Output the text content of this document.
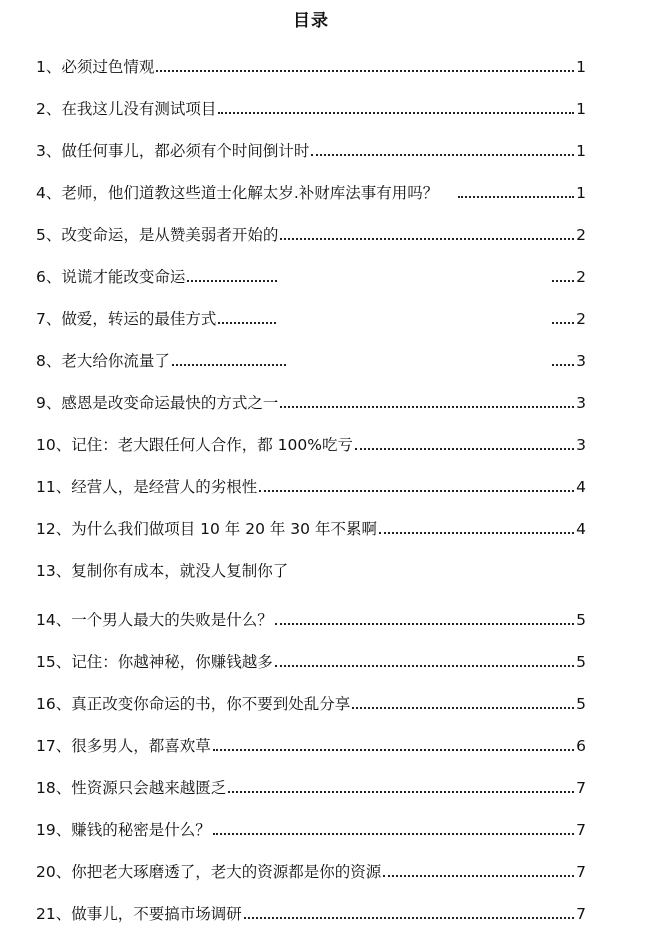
目录
1、必须过色情观	1
2、在我这儿没有测试项目	1
3、做任何事儿，都必须有个时间倒计时	1
4、老师，他们道教这些道士化解太岁.补财库法事有用吗？	1
5、改变命运，是从赞美弱者开始的	2
6、说谎才能改变命运	2
7、做爱，转运的最佳方式	2
8、老大给你流量了	3
9、感恩是改变命运最快的方式之一	3
10、记住：老大跟任何人合作，都 100%吃亏	3
11、经营人，是经营人的劣根性	4
12、为什么我们做项目 10 年 20 年 30 年不累啊	4
13、复制你有成本，就没人复制你了
14、一个男人最大的失败是什么？	5
15、记住：你越神秘，你赚钱越多	5
16、真正改变你命运的书，你不要到处乱分享	5
17、很多男人，都喜欢草	6
18、性资源只会越来越匮乏	7
19、赚钱的秘密是什么？	7
20、你把老大琢磨透了，老大的资源都是你的资源	7
21、做事儿，不要搞市场调研	7
